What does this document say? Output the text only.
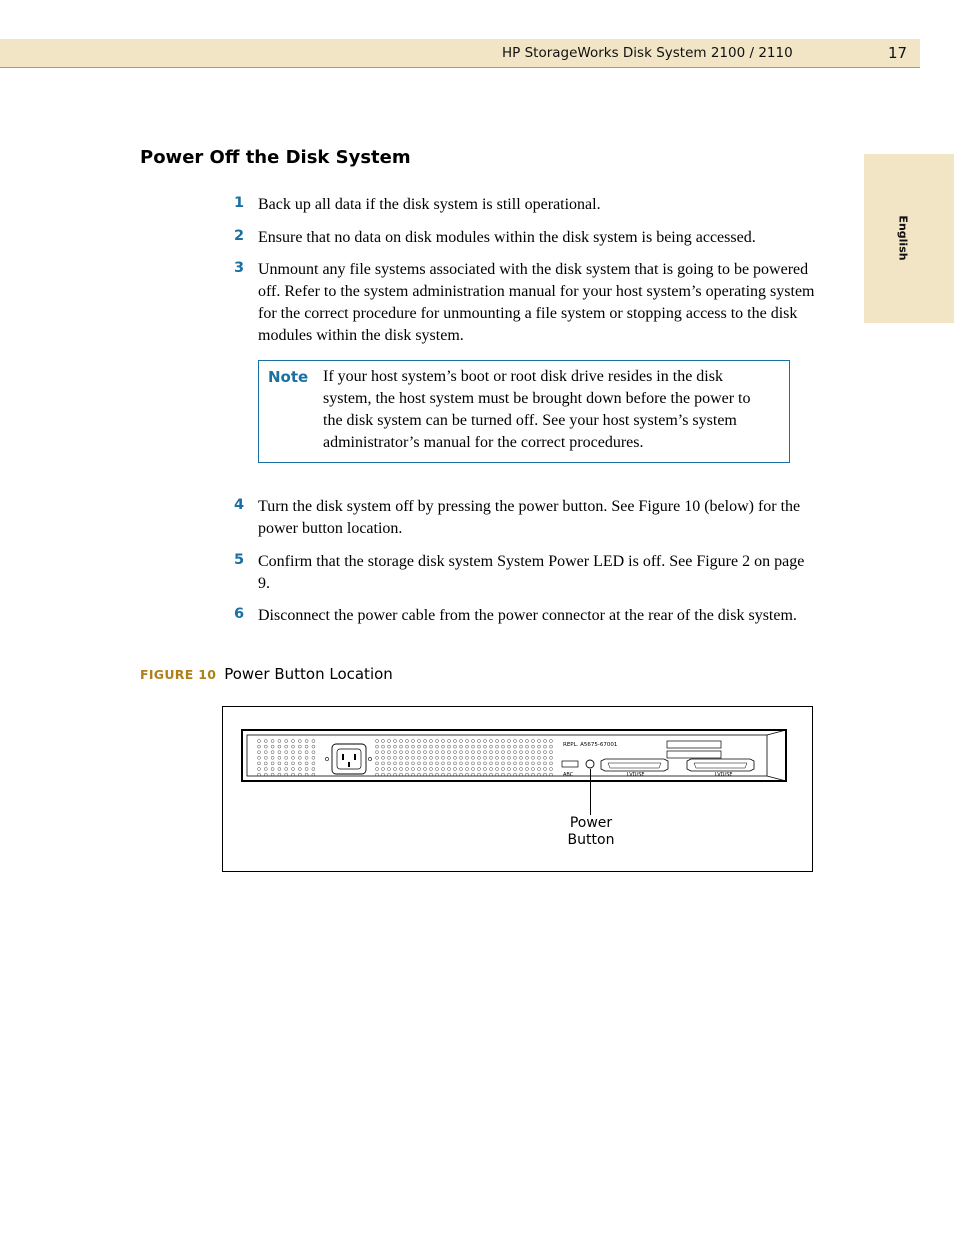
HP StorageWorks Disk System 2100 / 2110	17
English
Power Off the Disk System
1 Back up all data if the disk system is still operational.
2 Ensure that no data on disk modules within the disk system is being accessed.
3 Unmount any file systems associated with the disk system that is going to be powered off. Refer to the system administration manual for your host system’s operating system for the correct procedure for unmounting a file system or stopping access to the disk modules within the disk system.
Note If your host system’s boot or root disk drive resides in the disk system, the host system must be brought down before the power to the disk system can be turned off. See your host system’s system administrator’s manual for the correct procedures.
4 Turn the disk system off by pressing the power button. See Figure 10 (below) for the power button location.
5 Confirm that the storage disk system System Power LED is off. See Figure 2 on page 9.
6 Disconnect the power cable from the power connector at the rear of the disk system.
FIGURE 10 Power Button Location
REPL. A5675-67001
ABC	LVD/SE	LVD/SE
Power
Button
